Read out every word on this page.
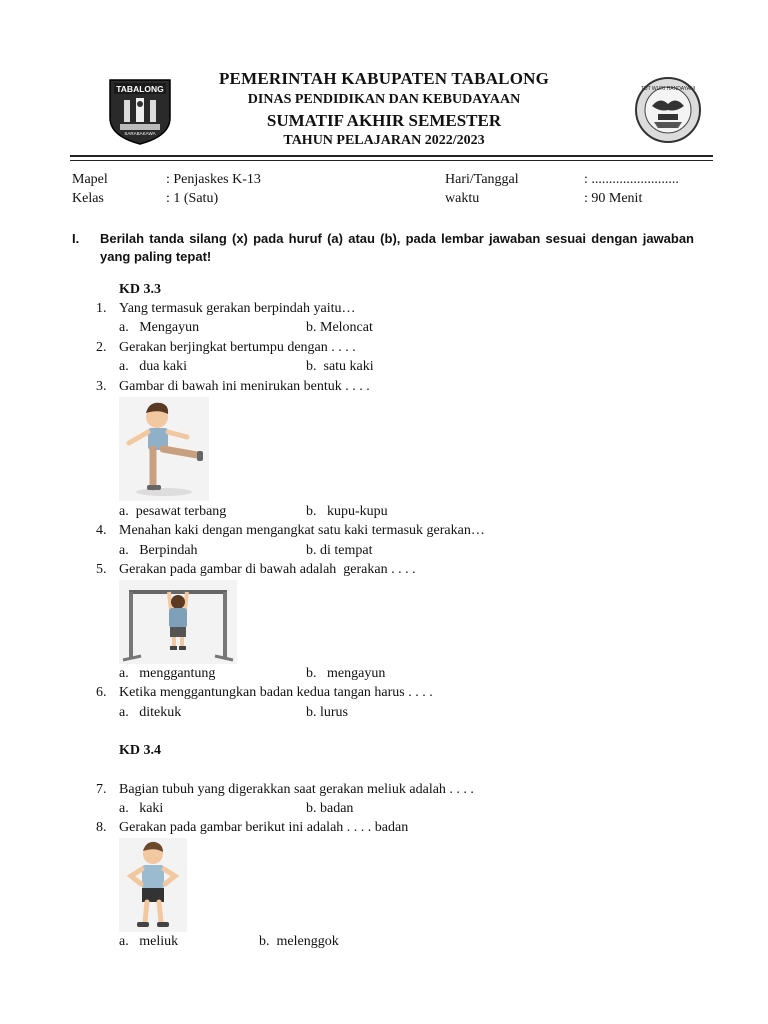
TABALONG
SARABAKAWA
TUT WURI HANDAYANI
PEMERINTAH KABUPATEN TABALONG
DINAS PENDIDIKAN DAN KEBUDAYAAN
SUMATIF AKHIR SEMESTER
TAHUN PELAJARAN 2022/2023
Mapel	: Penjaskes K-13	Hari/Tanggal	: .........................
Kelas	: 1 (Satu)	waktu	: 90 Menit
I. Berilah tanda silang (x) pada huruf (a) atau (b), pada lembar jawaban sesuai dengan jawaban yang paling tepat!
KD 3.3
1. Yang termasuk gerakan berpindah yaitu…
a.   Mengayun	b. Meloncat
2. Gerakan berjingkat bertumpu dengan . . . .
a.   dua kaki	b.  satu kaki
3. Gambar di bawah ini menirukan bentuk . . . .
a.  pesawat terbang	b.   kupu-kupu
4. Menahan kaki dengan mengangkat satu kaki termasuk gerakan…
a.   Berpindah	b. di tempat
5. Gerakan pada gambar di bawah adalah  gerakan . . . .
a.   menggantung	b.   mengayun
6. Ketika menggantungkan badan kedua tangan harus . . . .
a.   ditekuk	b. lurus
KD 3.4
7. Bagian tubuh yang digerakkan saat gerakan meliuk adalah . . . .
a.   kaki	b. badan
8. Gerakan pada gambar berikut ini adalah . . . . badan
a.   meliuk	b.  melenggok
